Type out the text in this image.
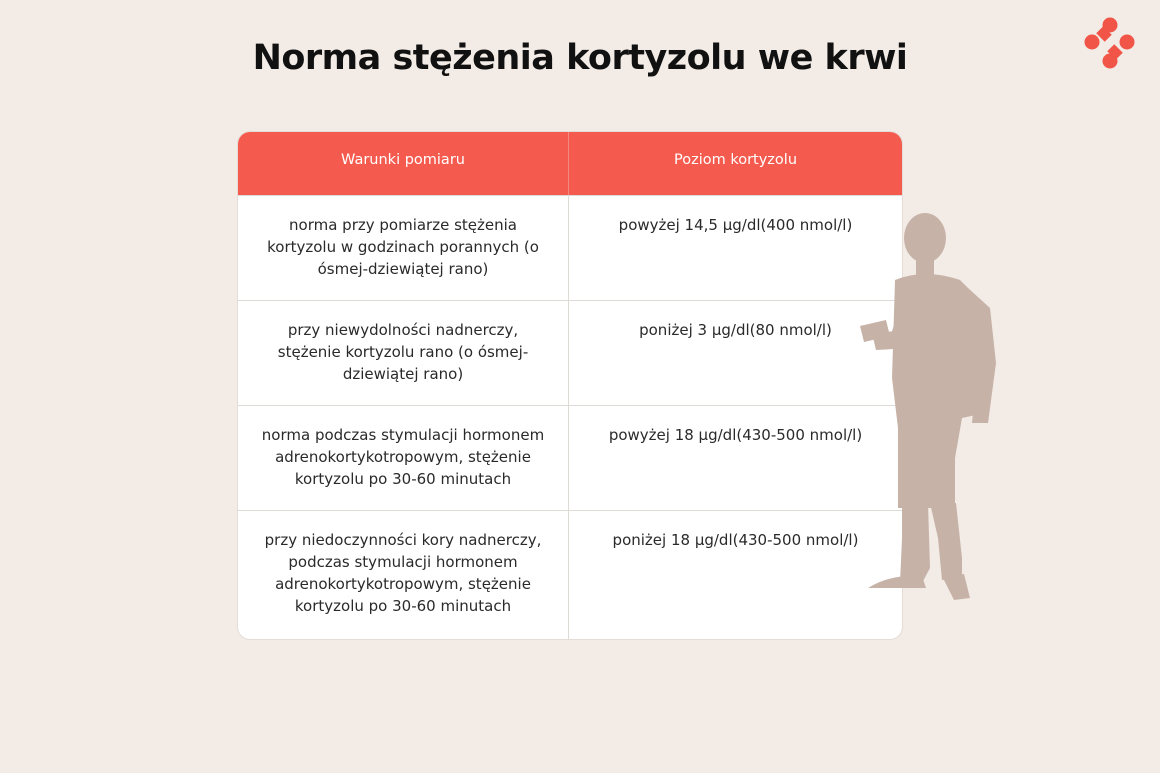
Norma stężenia kortyzolu we krwi
Warunki pomiaru	Poziom kortyzolu
norma przy pomiarze stężenia kortyzolu w godzinach porannych (o ósmej-dziewiątej rano)
powyżej 14,5 μg/dl(400 nmol/l)
przy niewydolności nadnerczy, stężenie kortyzolu rano (o ósmej-dziewiątej rano)
poniżej 3 μg/dl(80 nmol/l)
norma podczas stymulacji hormonem adrenokortykotropowym, stężenie kortyzolu po 30-60 minutach
powyżej 18 μg/dl(430-500 nmol/l)
przy niedoczynności kory nadnerczy, podczas stymulacji hormonem adrenokortykotropowym, stężenie kortyzolu po 30-60 minutach
poniżej 18 μg/dl(430-500 nmol/l)
